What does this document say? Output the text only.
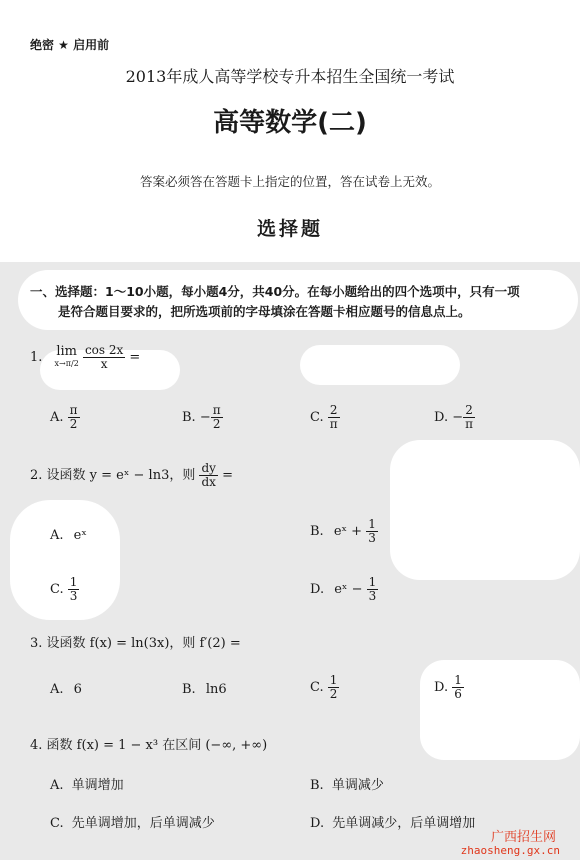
绝密 ★ 启用前
2013年成人高等学校专升本招生全国统一考试
高等数学(二)
答案必须答在答题卡上指定的位置，答在试卷上无效。
选择题
一、选择题：1～10小题，每小题4分，共40分。在每小题给出的四个选项中，只有一项
是符合题目要求的，把所选项前的字母填涂在答题卡相应题号的信息点上。
1. lim
x→π/2
$\frac{\cos 2x}{x}$ =
A. $\frac{\pi}{2}$	B. − $\frac{\pi}{2}$	C. $\frac{2}{\pi}$	D. − $\frac{2}{\pi}$
2. 设函数 y = eˣ − ln3，则 $\frac{dy}{dx}$ =
A. eˣ	B. eˣ + $\frac{1}{3}$
C. $\frac{1}{3}$	D. eˣ − $\frac{1}{3}$
3. 设函数 f(x) = ln(3x)，则 f′(2) =
A. 6	B. ln6	C. $\frac{1}{2}$	D. $\frac{1}{6}$
4. 函数 f(x) = 1 − x³ 在区间 (−∞, +∞)
A. 单调增加	B. 单调减少
C. 先单调增加，后单调减少	D. 先单调减少，后单调增加
广西招生网
zhaosheng.gx.cn
